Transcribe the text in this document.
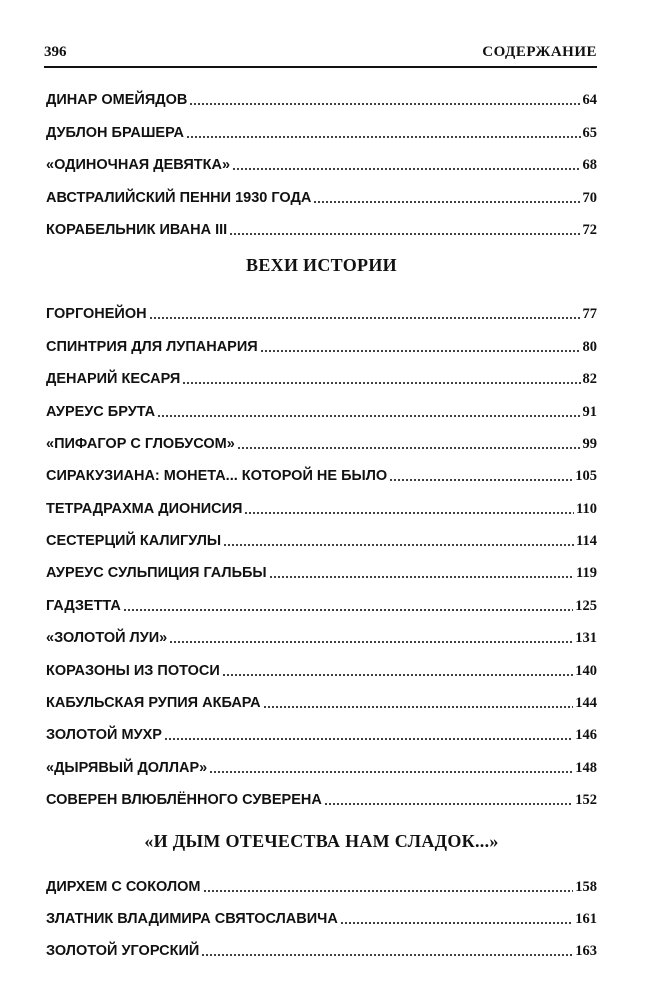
396	СОДЕРЖАНИЕ
ДИНАР ОМЕЙЯДОВ	64
ДУБЛОН БРАШЕРА	65
«ОДИНОЧНАЯ ДЕВЯТКА»	68
АВСТРАЛИЙСКИЙ ПЕННИ 1930 ГОДА	70
КОРАБЕЛЬНИК ИВАНА III	72
ВЕХИ ИСТОРИИ
ГОРГОНЕЙОН	77
СПИНТРИЯ ДЛЯ ЛУПАНАРИЯ	80
ДЕНАРИЙ КЕСАРЯ	82
АУРЕУС БРУТА	91
«ПИФАГОР С ГЛОБУСОМ»	99
СИРАКУЗИАНА: МОНЕТА... КОТОРОЙ НЕ БЫЛО	105
ТЕТРАДРАХМА ДИОНИСИЯ	110
СЕСТЕРЦИЙ КАЛИГУЛЫ	114
АУРЕУС СУЛЬПИЦИЯ ГАЛЬБЫ	119
ГАДЗЕТТА	125
«ЗОЛОТОЙ ЛУИ»	131
КОРАЗОНЫ ИЗ ПОТОСИ	140
КАБУЛЬСКАЯ РУПИЯ АКБАРА	144
ЗОЛОТОЙ МУХР	146
«ДЫРЯВЫЙ ДОЛЛАР»	148
СОВЕРЕН ВЛЮБЛЁННОГО СУВЕРЕНА	152
«И ДЫМ ОТЕЧЕСТВА НАМ СЛАДОК...»
ДИРХЕМ С СОКОЛОМ	158
ЗЛАТНИК ВЛАДИМИРА СВЯТОСЛАВИЧА	161
ЗОЛОТОЙ УГОРСКИЙ	163
